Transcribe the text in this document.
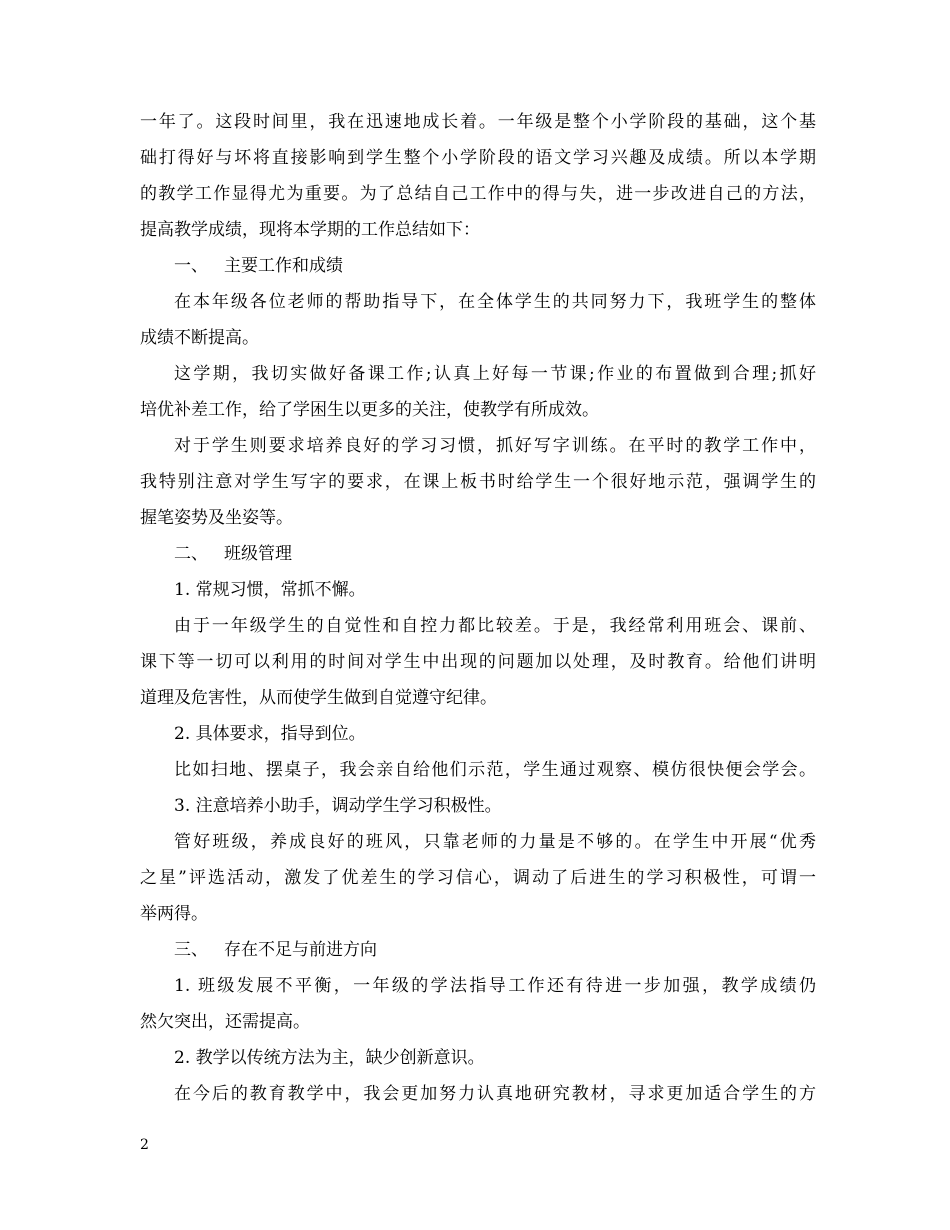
一年了。这段时间里，我在迅速地成长着。一年级是整个小学阶段的基础，这个基
础打得好与坏将直接影响到学生整个小学阶段的语文学习兴趣及成绩。所以本学期
的教学工作显得尤为重要。为了总结自己工作中的得与失，进一步改进自己的方法，
提高教学成绩，现将本学期的工作总结如下：
一、 主要工作和成绩
在本年级各位老师的帮助指导下，在全体学生的共同努力下，我班学生的整体
成绩不断提高。
这学期，我切实做好备课工作;认真上好每一节课;作业的布置做到合理;抓好
培优补差工作，给了学困生以更多的关注，使教学有所成效。
对于学生则要求培养良好的学习习惯，抓好写字训练。在平时的教学工作中，
我特别注意对学生写字的要求，在课上板书时给学生一个很好地示范，强调学生的
握笔姿势及坐姿等。
二、 班级管理
1. 常规习惯，常抓不懈。
由于一年级学生的自觉性和自控力都比较差。于是，我经常利用班会、课前、
课下等一切可以利用的时间对学生中出现的问题加以处理，及时教育。给他们讲明
道理及危害性，从而使学生做到自觉遵守纪律。
2. 具体要求，指导到位。
比如扫地、摆桌子，我会亲自给他们示范，学生通过观察、模仿很快便会学会。
3. 注意培养小助手，调动学生学习积极性。
管好班级，养成良好的班风，只靠老师的力量是不够的。在学生中开展“优秀
之星”评选活动，激发了优差生的学习信心，调动了后进生的学习积极性，可谓一
举两得。
三、 存在不足与前进方向
1. 班级发展不平衡，一年级的学法指导工作还有待进一步加强，教学成绩仍
然欠突出，还需提高。
2. 教学以传统方法为主，缺少创新意识。
在今后的教育教学中，我会更加努力认真地研究教材，寻求更加适合学生的方
2
